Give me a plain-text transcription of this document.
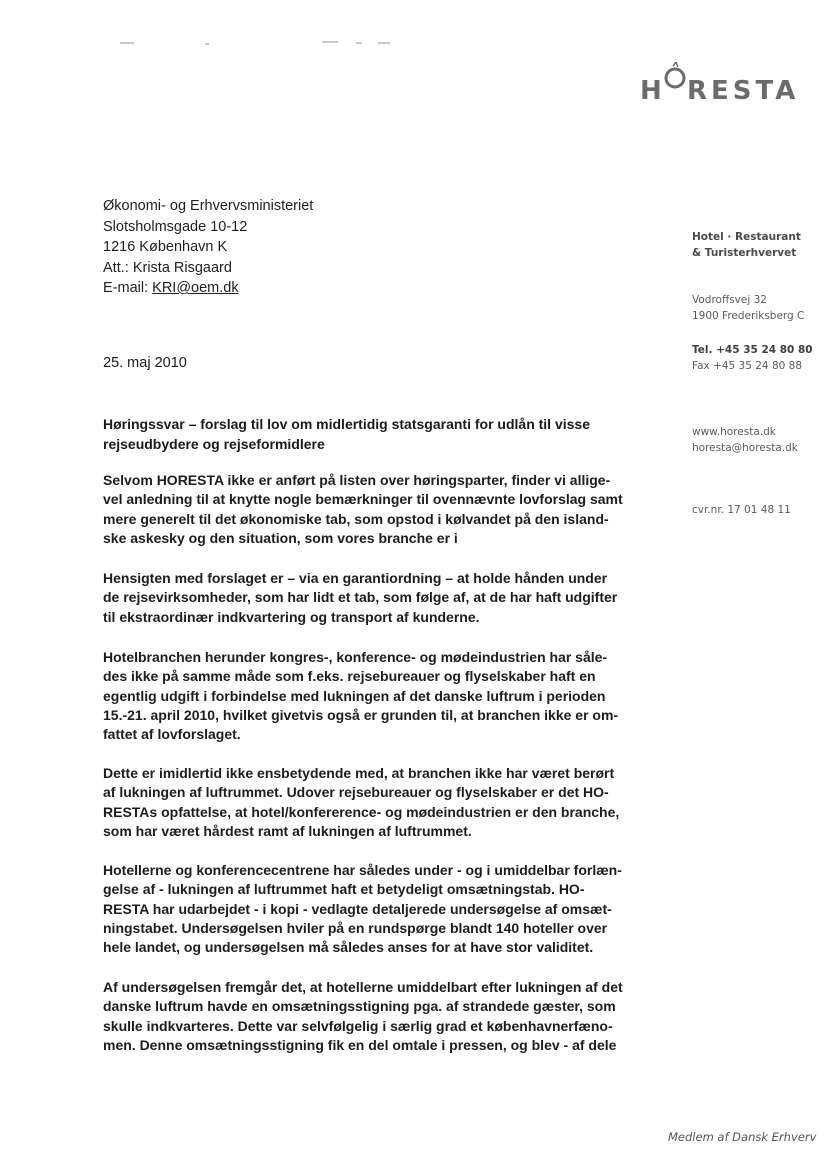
H RESTA
Økonomi- og Erhvervsministeriet
Slotsholmsgade 10-12
1216 København K
Att.: Krista Risgaard
E-mail: KRI@oem.dk
25. maj 2010
Hotel · Restaurant
& Turisterhvervet
Vodroffsvej 32
1900 Frederiksberg C
Tel. +45 35 24 80 80
Fax +45 35 24 80 88
www.horesta.dk
horesta@horesta.dk
cvr.nr. 17 01 48 11
Høringssvar – forslag til lov om midlertidig statsgaranti for udlån til visse
rejseudbydere og rejseformidlere
Selvom HORESTA ikke er anført på listen over høringsparter, finder vi allige-
vel anledning til at knytte nogle bemærkninger til ovennævnte lovforslag samt
mere generelt til det økonomiske tab, som opstod i kølvandet på den island-
ske askesky og den situation, som vores branche er i
Hensigten med forslaget er – via en garantiordning – at holde hånden under
de rejsevirksomheder, som har lidt et tab, som følge af, at de har haft udgifter
til ekstraordinær indkvartering og transport af kunderne.
Hotelbranchen herunder kongres-, konference- og mødeindustrien har såle-
des ikke på samme måde som f.eks. rejsebureauer og flyselskaber haft en
egentlig udgift i forbindelse med lukningen af det danske luftrum i perioden
15.-21. april 2010, hvilket givetvis også er grunden til, at branchen ikke er om-
fattet af lovforslaget.
Dette er imidlertid ikke ensbetydende med, at branchen ikke har været berørt
af lukningen af luftrummet. Udover rejsebureauer og flyselskaber er det HO-
RESTAs opfattelse, at hotel/konfererence- og mødeindustrien er den branche,
som har været hårdest ramt af lukningen af luftrummet.
Hotellerne og konferencecentrene har således under - og i umiddelbar forlæn-
gelse af - lukningen af luftrummet haft et betydeligt omsætningstab. HO-
RESTA har udarbejdet - i kopi - vedlagte detaljerede undersøgelse af omsæt-
ningstabet. Undersøgelsen hviler på en rundspørge blandt 140 hoteller over
hele landet, og undersøgelsen må således anses for at have stor validitet.
Af undersøgelsen fremgår det, at hotellerne umiddelbart efter lukningen af det
danske luftrum havde en omsætningsstigning pga. af strandede gæster, som
skulle indkvarteres. Dette var selvfølgelig i særlig grad et københavnerfæno-
men. Denne omsætningsstigning fik en del omtale i pressen, og blev - af dele
Medlem af Dansk Erhverv
